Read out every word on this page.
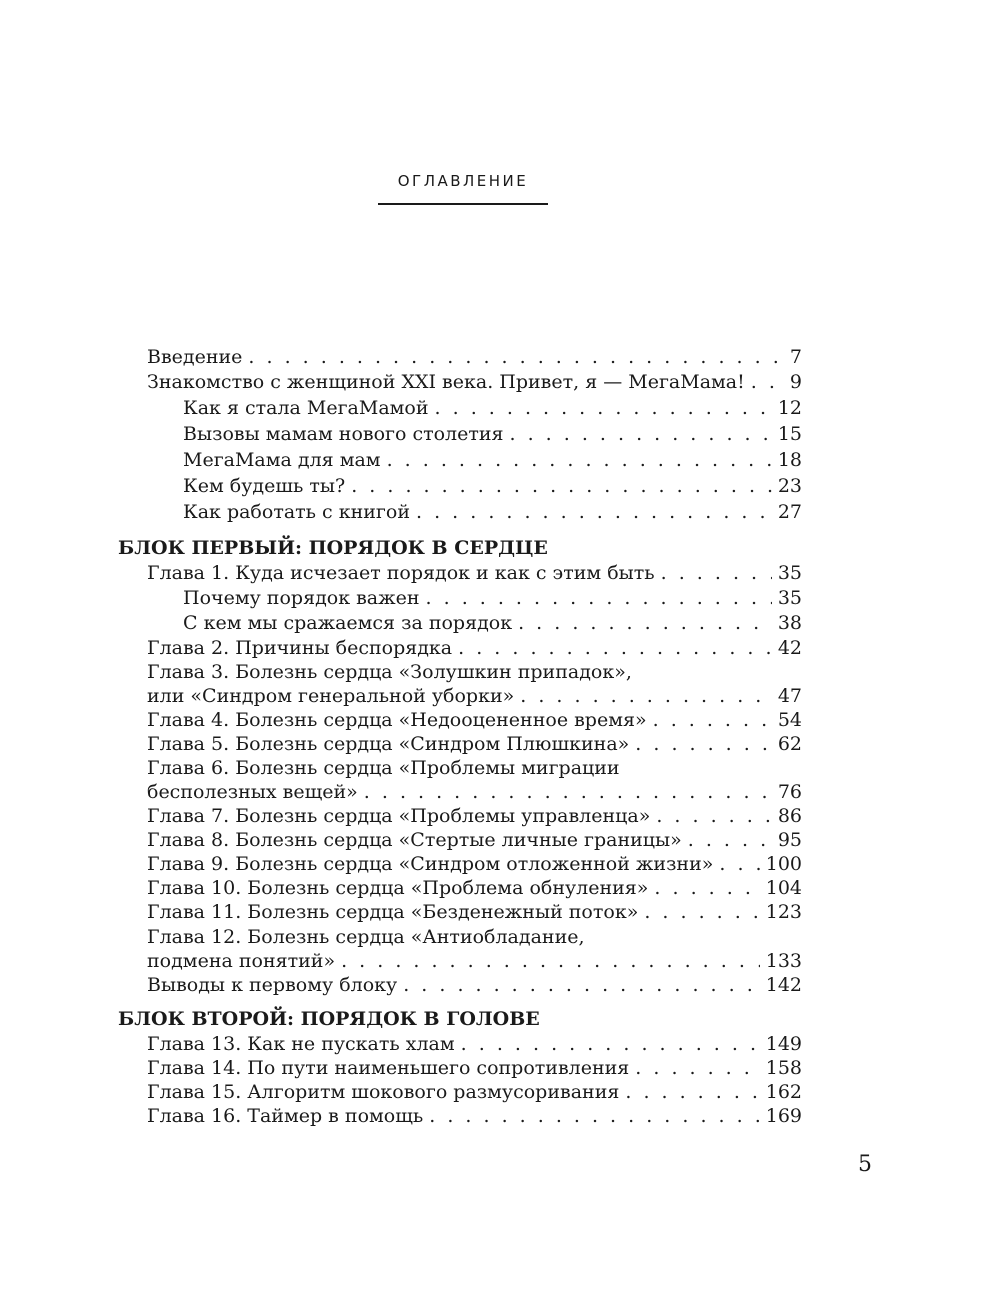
ОГЛАВЛЕНИЕ
Введение . . .	7
Знакомство с женщиной XXI века. Привет, я — МегаМама! . . . 9
Как я стала МегаМамой . . .	12
Вызовы мамам нового столетия . . .	15
МегаМама для мам . . .	18
Кем будешь ты? . . .	23
Как работать с книгой . . .	27
БЛОК ПЕРВЫЙ: ПОРЯДОК В СЕРДЦЕ
Глава 1. Куда исчезает порядок и как с этим быть . . .	35
Почему порядок важен . . .	35
С кем мы сражаемся за порядок . . .	38
Глава 2. Причины беспорядка . . .	42
Глава 3. Болезнь сердца «Золушкин припадок»,
или «Синдром генеральной уборки» . . .	47
Глава 4. Болезнь сердца «Недооцененное время» . . .	54
Глава 5. Болезнь сердца «Синдром Плюшкина» . . .	62
Глава 6. Болезнь сердца «Проблемы миграции
бесполезных вещей» . . .	76
Глава 7. Болезнь сердца «Проблемы управленца» . . .	86
Глава 8. Болезнь сердца «Стертые личные границы» . . .	95
Глава 9. Болезнь сердца «Синдром отложенной жизни» . . .	100
Глава 10. Болезнь сердца «Проблема обнуления» . . .	104
Глава 11. Болезнь сердца «Безденежный поток» . . .	123
Глава 12. Болезнь сердца «Антиобладание,
подмена понятий» . . .	133
Выводы к первому блоку . . .	142
БЛОК ВТОРОЙ: ПОРЯДОК В ГОЛОВЕ
Глава 13. Как не пускать хлам . . .	149
Глава 14. По пути наименьшего сопротивления . . .	158
Глава 15. Алгоритм шокового размусоривания . . .	162
Глава 16. Таймер в помощь . . .	169
5
